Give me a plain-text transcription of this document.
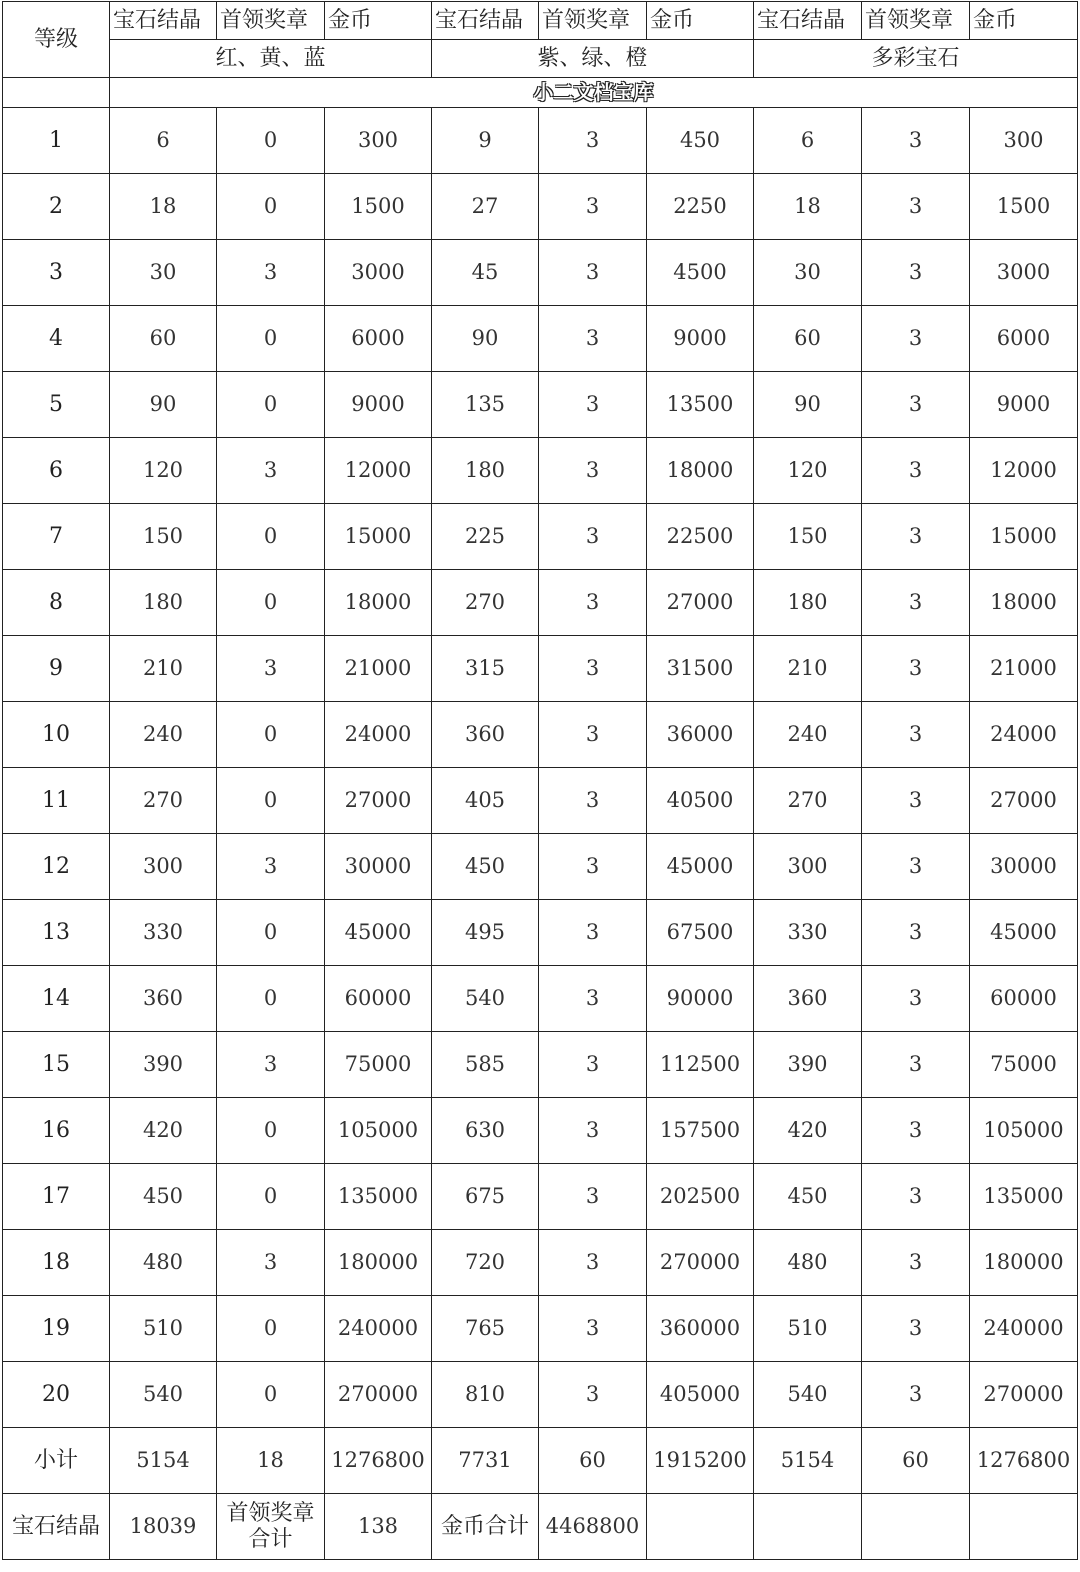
等级	宝石结晶	首领奖章	金币	宝石结晶	首领奖章	金币	宝石结晶	首领奖章	金币
	红、黄、蓝			紫、绿、橙			多彩宝石		
	小二文档宝库								
1	6	0	300	9	3	450	6	3	300
2	18	0	1500	27	3	2250	18	3	1500
3	30	3	3000	45	3	4500	30	3	3000
4	60	0	6000	90	3	9000	60	3	6000
5	90	0	9000	135	3	13500	90	3	9000
6	120	3	12000	180	3	18000	120	3	12000
7	150	0	15000	225	3	22500	150	3	15000
8	180	0	18000	270	3	27000	180	3	18000
9	210	3	21000	315	3	31500	210	3	21000
10	240	0	24000	360	3	36000	240	3	24000
11	270	0	27000	405	3	40500	270	3	27000
12	300	3	30000	450	3	45000	300	3	30000
13	330	0	45000	495	3	67500	330	3	45000
14	360	0	60000	540	3	90000	360	3	60000
15	390	3	75000	585	3	112500	390	3	75000
16	420	0	105000	630	3	157500	420	3	105000
17	450	0	135000	675	3	202500	450	3	135000
18	480	3	180000	720	3	270000	480	3	180000
19	510	0	240000	765	3	360000	510	3	240000
20	540	0	270000	810	3	405000	540	3	270000
小计	5154	18	1276800	7731	60	1915200	5154	60	1276800
宝石结晶	18039	首领奖章合计	138	金币合计	4468800				
